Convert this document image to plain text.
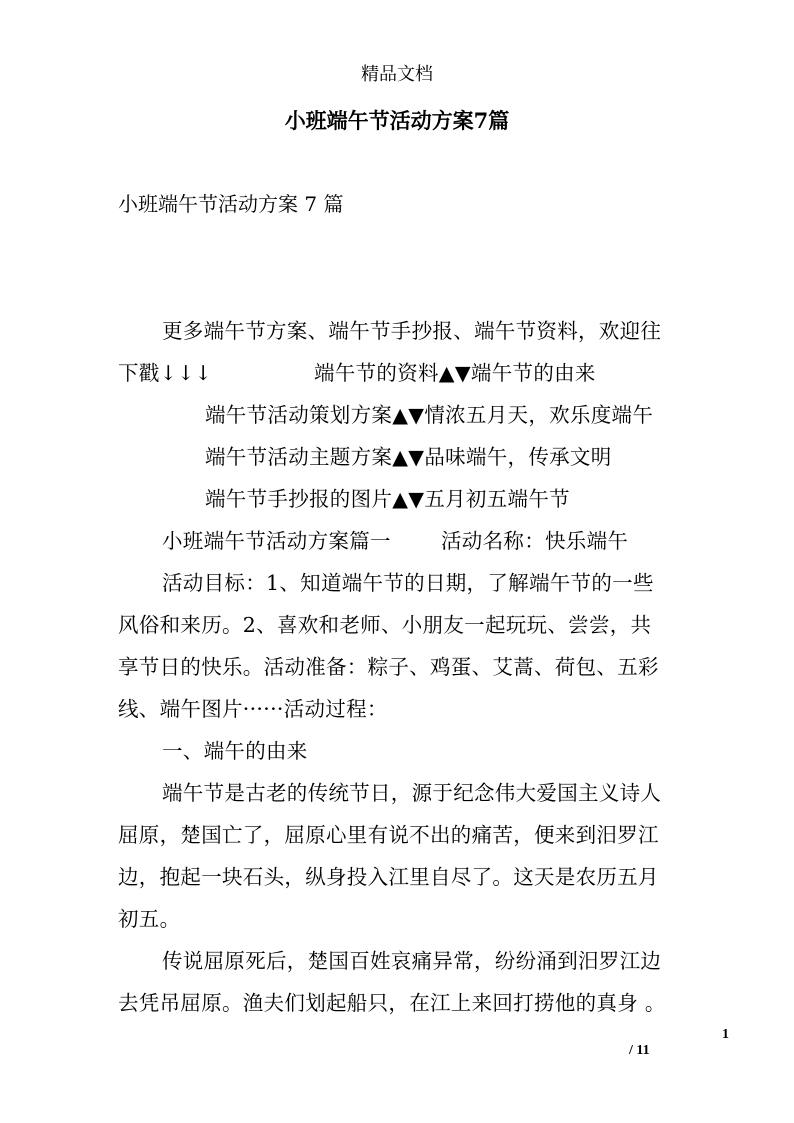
精品文档
小班端午节活动方案7篇
小班端午节活动方案 7 篇
更多端午节方案、端午节手抄报、端午节资料，欢迎往
下戳↓↓↓	端午节的资料▲▼端午节的由来
端午节活动策划方案▲▼情浓五月天，欢乐度端午
端午节活动主题方案▲▼品味端午，传承文明
端午节手抄报的图片▲▼五月初五端午节
小班端午节活动方案篇一 活动名称：快乐端午
活动目标：1、知道端午节的日期，了解端午节的一些
风俗和来历。2、喜欢和老师、小朋友一起玩玩、尝尝，共
享节日的快乐。活动准备：粽子、鸡蛋、艾蒿、荷包、五彩
线、端午图片······活动过程：
一、端午的由来
端午节是古老的传统节日，源于纪念伟大爱国主义诗人
屈原，楚国亡了，屈原心里有说不出的痛苦，便来到汨罗江
边，抱起一块石头，纵身投入江里自尽了。这天是农历五月
初五。
传说屈原死后，楚国百姓哀痛异常，纷纷涌到汨罗江边
去凭吊屈原。渔夫们划起船只，在江上来回打捞他的真身 。
1
/ 11
